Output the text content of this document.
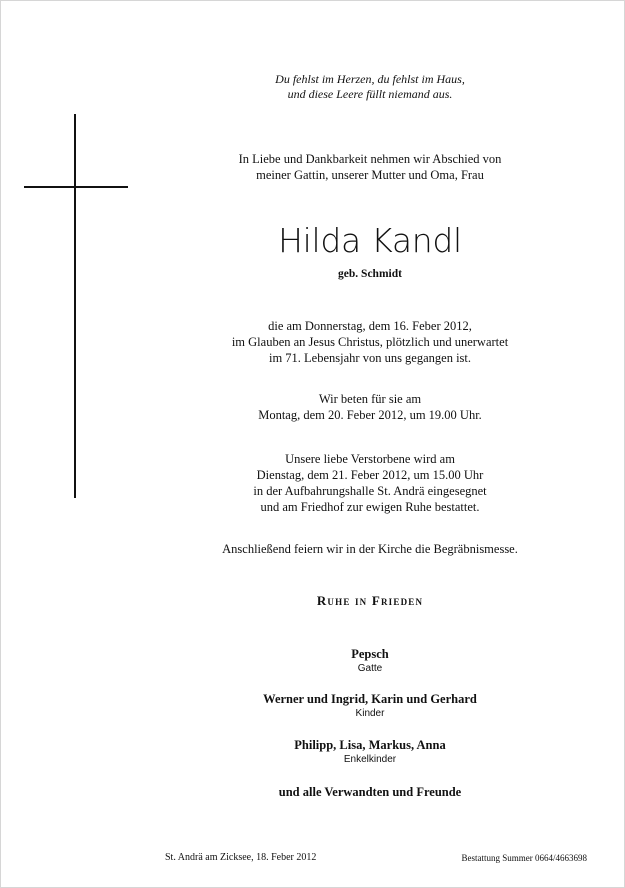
Du fehlst im Herzen, du fehlst im Haus,
und diese Leere füllt niemand aus.
In Liebe und Dankbarkeit nehmen wir Abschied von
meiner Gattin, unserer Mutter und Oma, Frau
Hilda Kandl
geb. Schmidt
die am Donnerstag, dem 16. Feber 2012,
im Glauben an Jesus Christus, plötzlich und unerwartet
im 71. Lebensjahr von uns gegangen ist.
Wir beten für sie am
Montag, dem 20. Feber 2012, um 19.00 Uhr.
Unsere liebe Verstorbene wird am
Dienstag, dem 21. Feber 2012, um 15.00 Uhr
in der Aufbahrungshalle St. Andrä eingesegnet
und am Friedhof zur ewigen Ruhe bestattet.
Anschließend feiern wir in der Kirche die Begräbnismesse.
Ruhe in Frieden
Pepsch
Gatte
Werner und Ingrid, Karin und Gerhard
Kinder
Philipp, Lisa, Markus, Anna
Enkelkinder
und alle Verwandten und Freunde
St. Andrä am Zicksee, 18. Feber 2012	Bestattung Summer 0664/4663698
